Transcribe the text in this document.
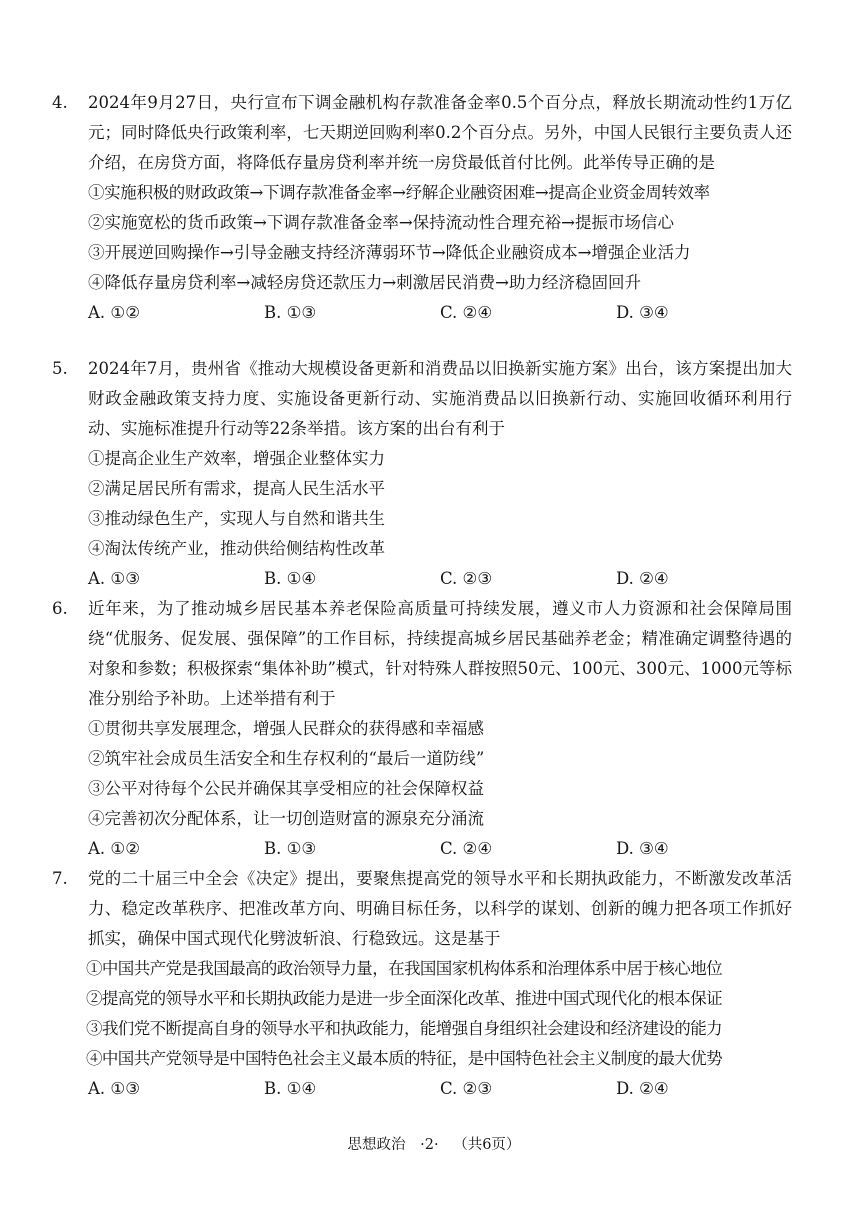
4. 2024年9月27日，央行宣布下调金融机构存款准备金率0.5个百分点，释放长期流动性约1万亿元；同时降低央行政策利率，七天期逆回购利率0.2个百分点。另外，中国人民银行主要负责人还介绍，在房贷方面，将降低存量房贷利率并统一房贷最低首付比例。此举传导正确的是
①实施积极的财政政策→下调存款准备金率→纾解企业融资困难→提高企业资金周转效率
②实施宽松的货币政策→下调存款准备金率→保持流动性合理充裕→提振市场信心
③开展逆回购操作→引导金融支持经济薄弱环节→降低企业融资成本→增强企业活力
④降低存量房贷利率→减轻房贷还款压力→刺激居民消费→助力经济稳固回升
A. ①②	B. ①③	C. ②④	D. ③④
5. 2024年7月，贵州省《推动大规模设备更新和消费品以旧换新实施方案》出台，该方案提出加大财政金融政策支持力度、实施设备更新行动、实施消费品以旧换新行动、实施回收循环利用行动、实施标准提升行动等22条举措。该方案的出台有利于
①提高企业生产效率，增强企业整体实力
②满足居民所有需求，提高人民生活水平
③推动绿色生产，实现人与自然和谐共生
④淘汰传统产业，推动供给侧结构性改革
A. ①③	B. ①④	C. ②③	D. ②④
6. 近年来，为了推动城乡居民基本养老保险高质量可持续发展，遵义市人力资源和社会保障局围绕“优服务、促发展、强保障”的工作目标，持续提高城乡居民基础养老金；精准确定调整待遇的对象和参数；积极探索“集体补助”模式，针对特殊人群按照50元、100元、300元、1000元等标准分别给予补助。上述举措有利于
①贯彻共享发展理念，增强人民群众的获得感和幸福感
②筑牢社会成员生活安全和生存权利的“最后一道防线”
③公平对待每个公民并确保其享受相应的社会保障权益
④完善初次分配体系，让一切创造财富的源泉充分涌流
A. ①②	B. ①③	C. ②④	D. ③④
7. 党的二十届三中全会《决定》提出，要聚焦提高党的领导水平和长期执政能力，不断激发改革活力、稳定改革秩序、把准改革方向、明确目标任务，以科学的谋划、创新的魄力把各项工作抓好抓实，确保中国式现代化劈波斩浪、行稳致远。这是基于
①中国共产党是我国最高的政治领导力量，在我国国家机构体系和治理体系中居于核心地位
②提高党的领导水平和长期执政能力是进一步全面深化改革、推进中国式现代化的根本保证
③我们党不断提高自身的领导水平和执政能力，能增强自身组织社会建设和经济建设的能力
④中国共产党领导是中国特色社会主义最本质的特征，是中国特色社会主义制度的最大优势
A. ①③	B. ①④	C. ②③	D. ②④
思想政治 ·2· （共6页）
